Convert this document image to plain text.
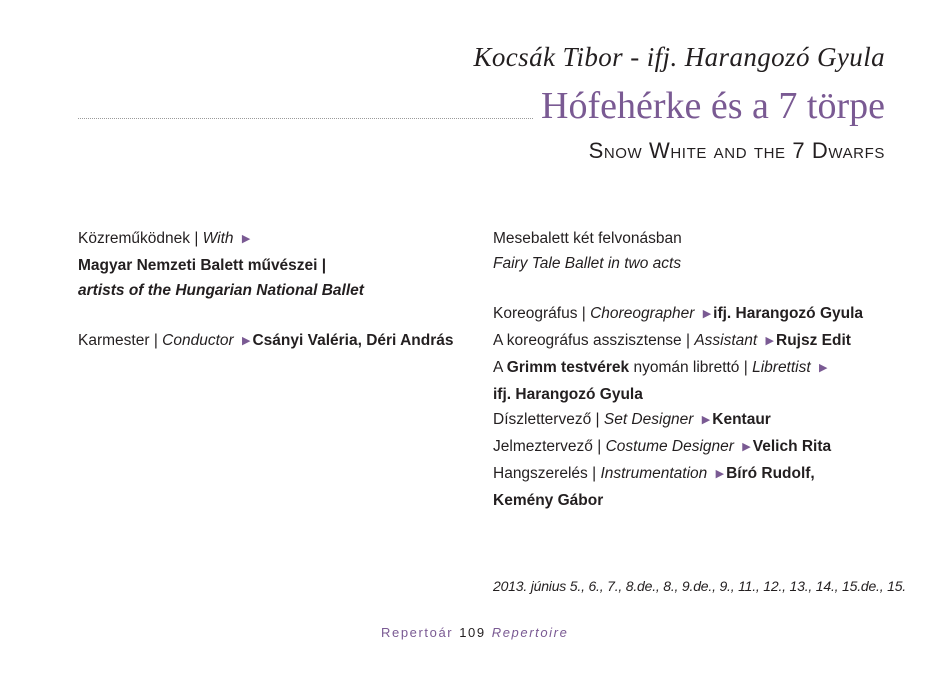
Kocsák Tibor - ifj. Harangozó Gyula
Hófehérke és a 7 törpe
Snow White and the 7 Dwarfs
Közreműködnek | With ▶
Magyar Nemzeti Balett művészei |
artists of the Hungarian National Ballet
Karmester | Conductor ▶ Csányi Valéria, Déri András
Mesebalett két felvonásban
Fairy Tale Ballet in two acts
Koreográfus | Choreographer ▶ ifj. Harangozó Gyula
A koreográfus asszisztense | Assistant ▶ Rujsz Edit
A Grimm testvérek nyomán librettó | Librettist ▶
ifj. Harangozó Gyula
Díszlettervező | Set Designer ▶ Kentaur
Jelmeztervező | Costume Designer ▶ Velich Rita
Hangszerelés | Instrumentation ▶ Bíró Rudolf,
Kemény Gábor
2013. június 5., 6., 7., 8.de., 8., 9.de., 9., 11., 12., 13., 14., 15.de., 15.
Repertoár 109 Repertoire
